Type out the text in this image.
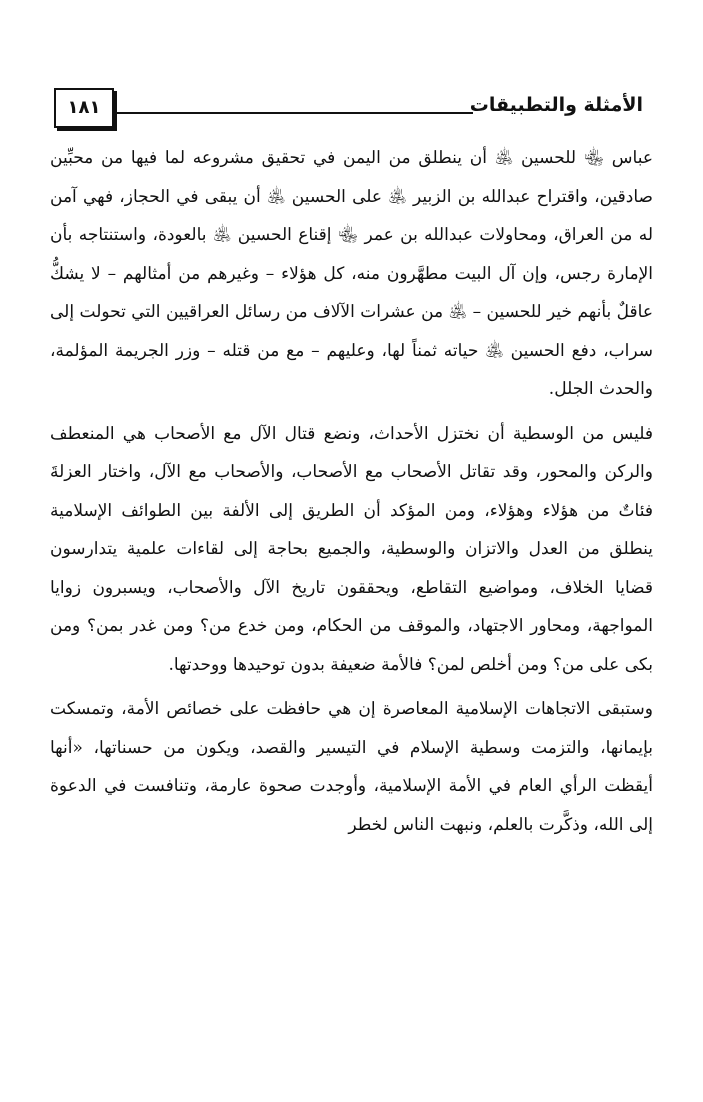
١٨١	الأمثلة والتطبيقات

عباس ﵄ للحسين ﵁ أن ينطلق من اليمن في تحقيق مشروعه لما فيها من محبِّين صادقين، واقتراح عبدالله بن الزبير ﵁ على الحسين ﵁ أن يبقى في الحجاز، فهي آمن له من العراق، ومحاولات عبدالله بن عمر ﵄ إقناع الحسين ﵁ بالعودة، واستنتاجه بأن الإمارة رجس، وإن آل البيت مطهَّرون منه، كل هؤلاء – وغيرهم من أمثالهم – لا يشكُّ عاقلٌ بأنهم خير للحسين – ﵁ من عشرات الآلاف من رسائل العراقيين التي تحولت إلى سراب، دفع الحسين ﵁ حياته ثمناً لها، وعليهم – مع من قتله – وزر الجريمة المؤلمة، والحدث الجلل.

فليس من الوسطية أن نختزل الأحداث، ونضع قتال الآل مع الأصحاب هي المنعطف والركن والمحور، وقد تقاتل الأصحاب مع الأصحاب، والأصحاب مع الآل، واختار العزلةَ فئاتٌ من هؤلاء وهؤلاء، ومن المؤكد أن الطريق إلى الألفة بين الطوائف الإسلامية ينطلق من العدل والاتزان والوسطية، والجميع بحاجة إلى لقاءات علمية يتدارسون قضايا الخلاف، ومواضيع التقاطع، ويحققون تاريخ الآل والأصحاب، ويسبرون زوايا المواجهة، ومحاور الاجتهاد، والموقف من الحكام، ومن خدع من؟ ومن غدر بمن؟ ومن بكى على من؟ ومن أخلص لمن؟ فالأمة ضعيفة بدون توحيدها ووحدتها.

وستبقى الاتجاهات الإسلامية المعاصرة إن هي حافظت على خصائص الأمة، وتمسكت بإيمانها، والتزمت وسطية الإسلام في التيسير والقصد، ويكون من حسناتها، «أنها أيقظت الرأي العام في الأمة الإسلامية، وأوجدت صحوة عارمة، وتنافست في الدعوة إلى الله، وذكَّرت بالعلم، ونبهت الناس لخطر
